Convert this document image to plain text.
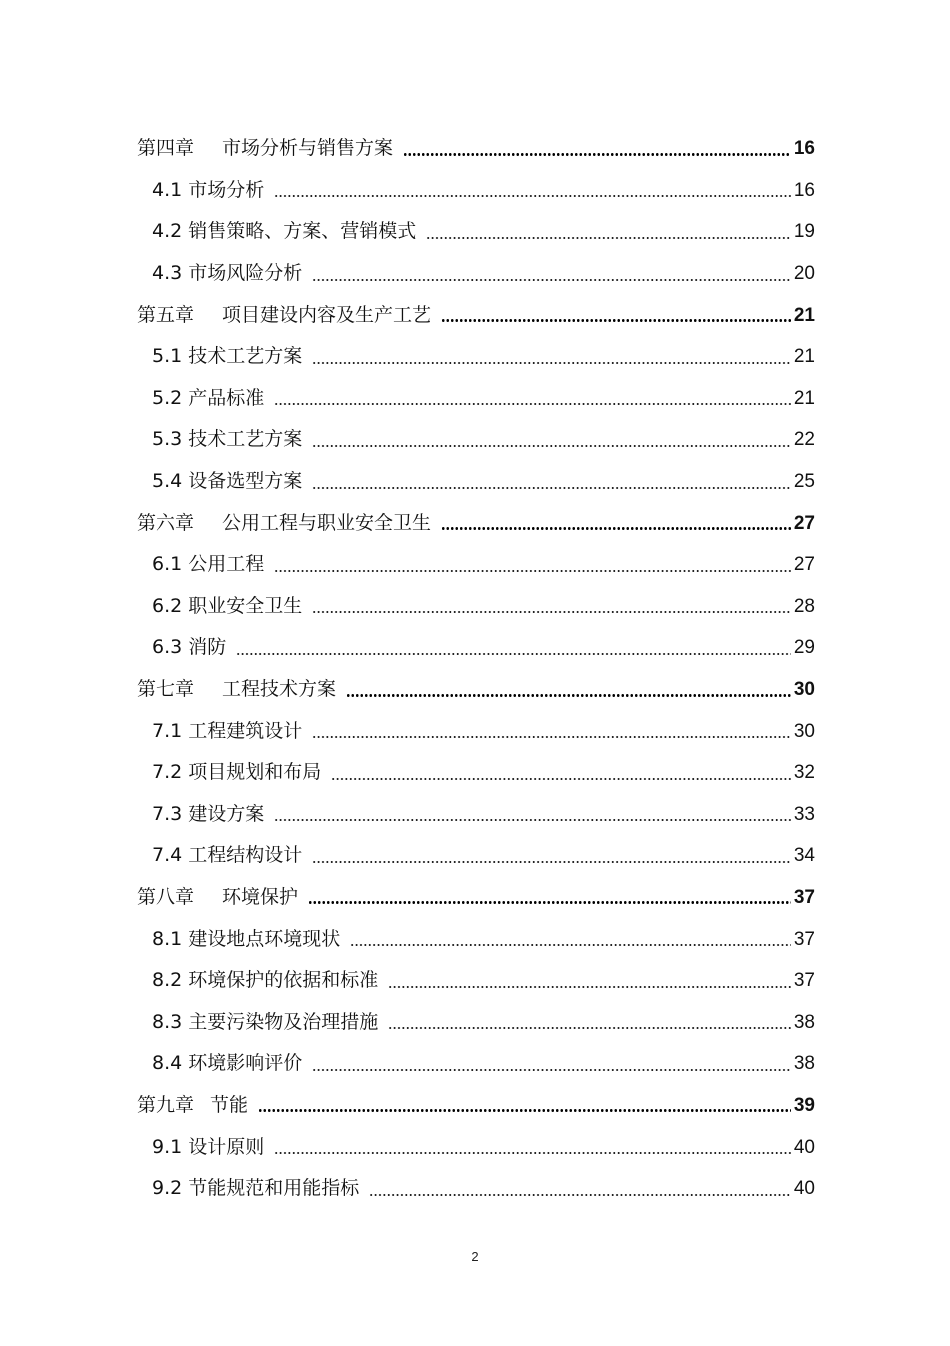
第四章 市场分析与销售方案	16
4.1 市场分析	16
4.2 销售策略、方案、营销模式	19
4.3 市场风险分析	20
第五章 项目建设内容及生产工艺	21
5.1 技术工艺方案	21
5.2 产品标准	21
5.3 技术工艺方案	22
5.4 设备选型方案	25
第六章 公用工程与职业安全卫生	27
6.1 公用工程	27
6.2 职业安全卫生	28
6.3 消防	29
第七章 工程技术方案	30
7.1 工程建筑设计	30
7.2 项目规划和布局	32
7.3 建设方案	33
7.4 工程结构设计	34
第八章 环境保护	37
8.1 建设地点环境现状	37
8.2 环境保护的依据和标准	37
8.3 主要污染物及治理措施	38
8.4 环境影响评价	38
第九章 节能	39
9.1 设计原则	40
9.2 节能规范和用能指标	40
2
